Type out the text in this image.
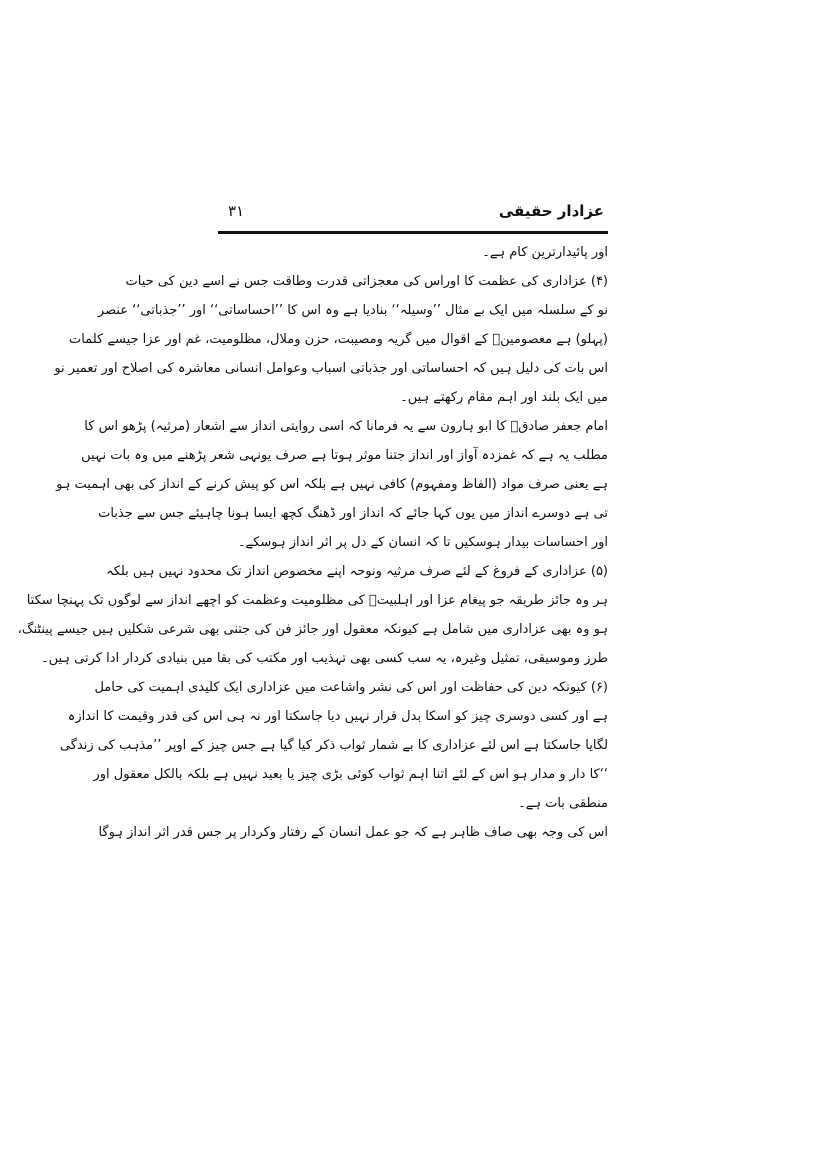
عزادار حقیقی
۳۱
اور پائیدارترین کام ہے۔
(۴) عزاداری کی عظمت کا اوراس کی معجزاتی قدرت وطاقت جس نے اسے دین کی حیات
نو کے سلسلہ میں ایک بے مثال ’’وسیلہ‘‘ بنادیا ہے وہ اس کا ’’احساساتی‘‘ اور ’’جذباتی‘‘ عنصر
(پہلو) ہے معصومینؑ کے اقوال میں گریہ ومصیبت، حزن وملال، مظلومیت، غم اور عزا جیسے کلمات
اس بات کی دلیل ہیں کہ احساساتی اور جذباتی اسباب وعوامل انسانی معاشرہ کی اصلاح اور تعمیر نو
میں ایک بلند اور اہم مقام رکھتے ہیں۔
امام جعفر صادقؑ کا ابو ہارون سے یہ فرمانا کہ اسی روایتی انداز سے اشعار (مرثیہ) پڑھو اس کا
مطلب یہ ہے کہ غمزدہ آواز اور انداز جتنا موثر ہوتا ہے صرف یونہی شعر پڑھنے میں وہ بات نہیں
ہے یعنی صرف مواد (الفاظ ومفہوم) کافی نہیں ہے بلکہ اس کو پیش کرنے کے انداز کی بھی اہمیت ہو
تی ہے دوسرے انداز میں یوں کہا جائے کہ انداز اور ڈھنگ کچھ ایسا ہونا چاہیئے جس سے جذبات
اور احساسات بیدار ہوسکیں تا کہ انسان کے دل پر اثر انداز ہوسکے۔
(۵) عزاداری کے فروغ کے لئے صرف مرثیہ ونوحہ اپنے مخصوص انداز تک محدود نہیں ہیں بلکہ
ہر وہ جائز طریقہ جو پیغام عزا اور اہلبیتؑ کی مظلومیت وعظمت کو اچھے انداز سے لوگوں تک پہنچا سکتا
ہو وہ بھی عزاداری میں شامل ہے کیونکہ معقول اور جائز فن کی جتنی بھی شرعی شکلیں ہیں جیسے پینٹنگ،
طرز وموسیقی، تمثیل وغیرہ، یہ سب کسی بھی تہذیب اور مکتب کی بقا میں بنیادی کردار ادا کرتی ہیں۔
(۶) کیونکہ دین کی حفاظت اور اس کی نشر واشاعت میں عزاداری ایک کلیدی اہمیت کی حامل
ہے اور کسی دوسری چیز کو اسکا بدل قرار نہیں دیا جاسکتا اور نہ ہی اس کی قدر وقیمت کا اندازہ
لگایا جاسکتا ہے اس لئے عزاداری کا بے شمار ثواب ذکر کیا گیا ہے جس چیز کے اوپر ’’مذہب کی زندگی
‘‘کا دار و مدار ہو اس کے لئے اتنا اہم ثواب کوئی بڑی چیز یا بعید نہیں ہے بلکہ بالکل معقول اور
منطقی بات ہے۔
اس کی وجہ بھی صاف ظاہر ہے کہ جو عمل انسان کے رفتار وکردار پر جس قدر اثر انداز ہوگا
